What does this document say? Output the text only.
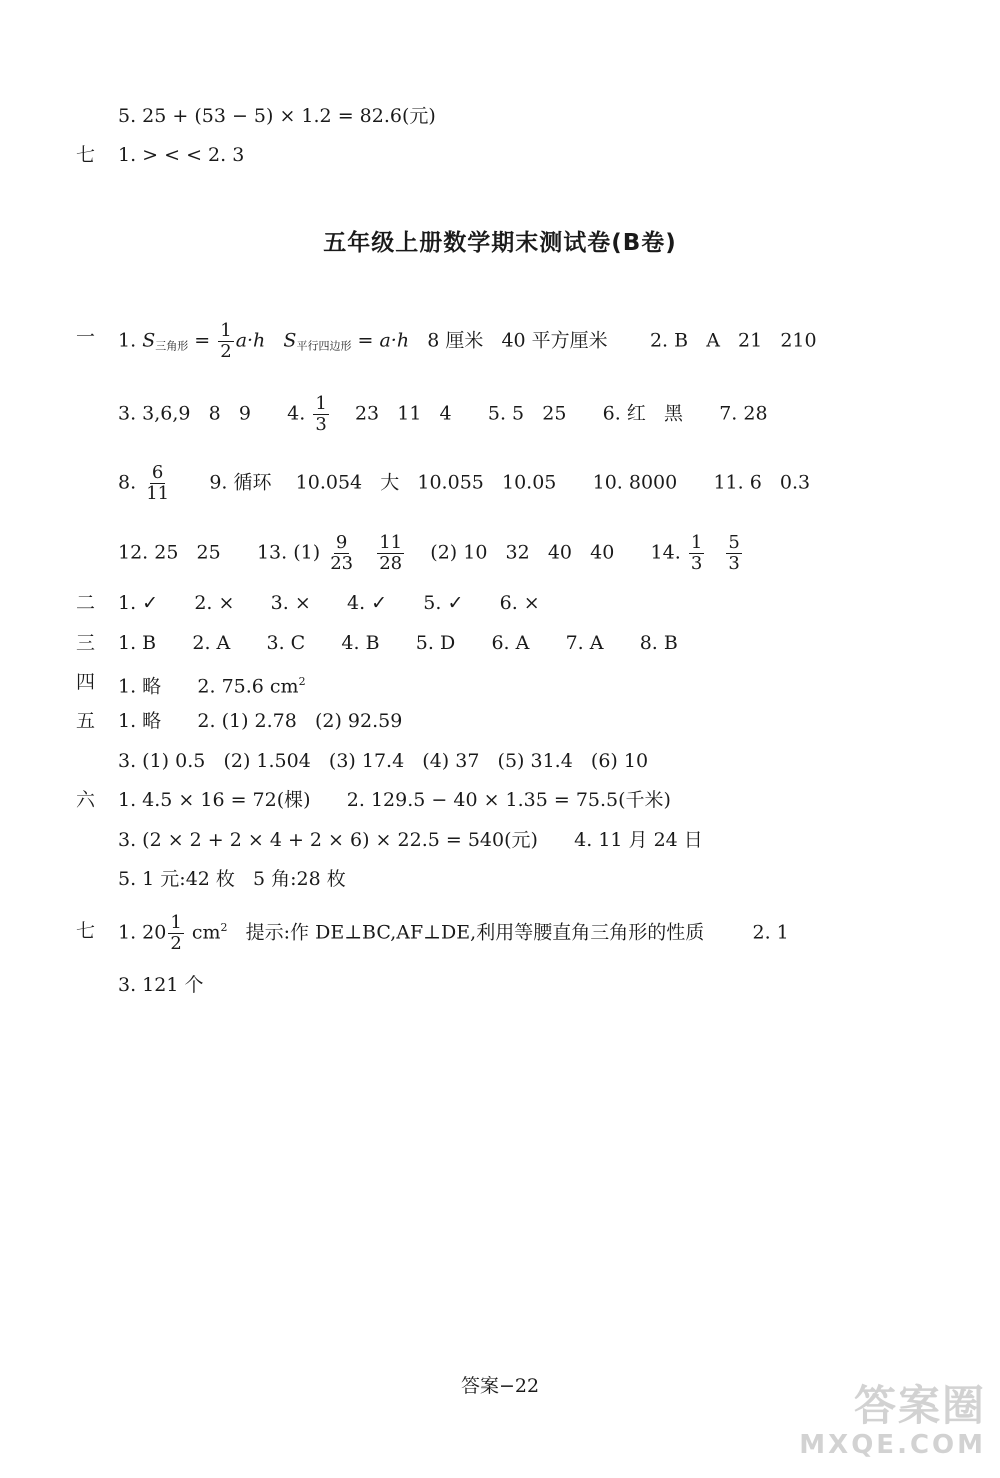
5. 25 + (53 − 5) × 1.2 = 82.6(元)
七 1. > < < 2. 3
五年级上册数学期末测试卷(B卷)
一 1. $S_{三角形} = \frac{1}{2} a\cdot h$ $S_{平行四边形} = a\cdot h$ 8 厘米   40 平方厘米       2. B   A   21   210
3. 3,6,9   8   9      4. $\frac{1}{3} 23$   11   4      5. 5   25      6. 红   黑      7. 28
8. $\frac{6}{11} 9$. 循环    10.054   大   10.055   10.05      10. 8000      11. 6   0.3
12. 25   25      13. $(1) \frac{9}{23}$
$\frac{11}{28} (2)$ 10   32   40   40      14. $\frac{1}{3}$
$\frac{5}{3}$
二 1. ✓      2. ×      3. ×      4. ✓      5. ✓      6. ×
三 1. B      2. A      3. C      4. B      5. D      6. A      7. A      8. B
四 1. 略      2. 75.6 $cm^2$
五 1. 略      2. (1) 2.78   (2) 92.59
3. (1) 0.5   (2) 1.504   (3) 17.4   (4) 37   (5) 31.4   (6) 10
六 1. 4.5 × 16 = 72(棵)      2. 129.5 − 40 × 1.35 = 75.5(千米)
3. (2 × 2 + 2 × 4 + 2 × 6) × 22.5 = 540(元)      4. 11 月 24 日
5. 1 元:42 枚   5 角:28 枚
七 1. $20 \frac{1}{2} cm^2$   提示:作 DE⊥BC,AF⊥DE,利用等腰直角三角形的性质        2. 1
3. 121 个
答案−22	答案圈
MXQE.COM
